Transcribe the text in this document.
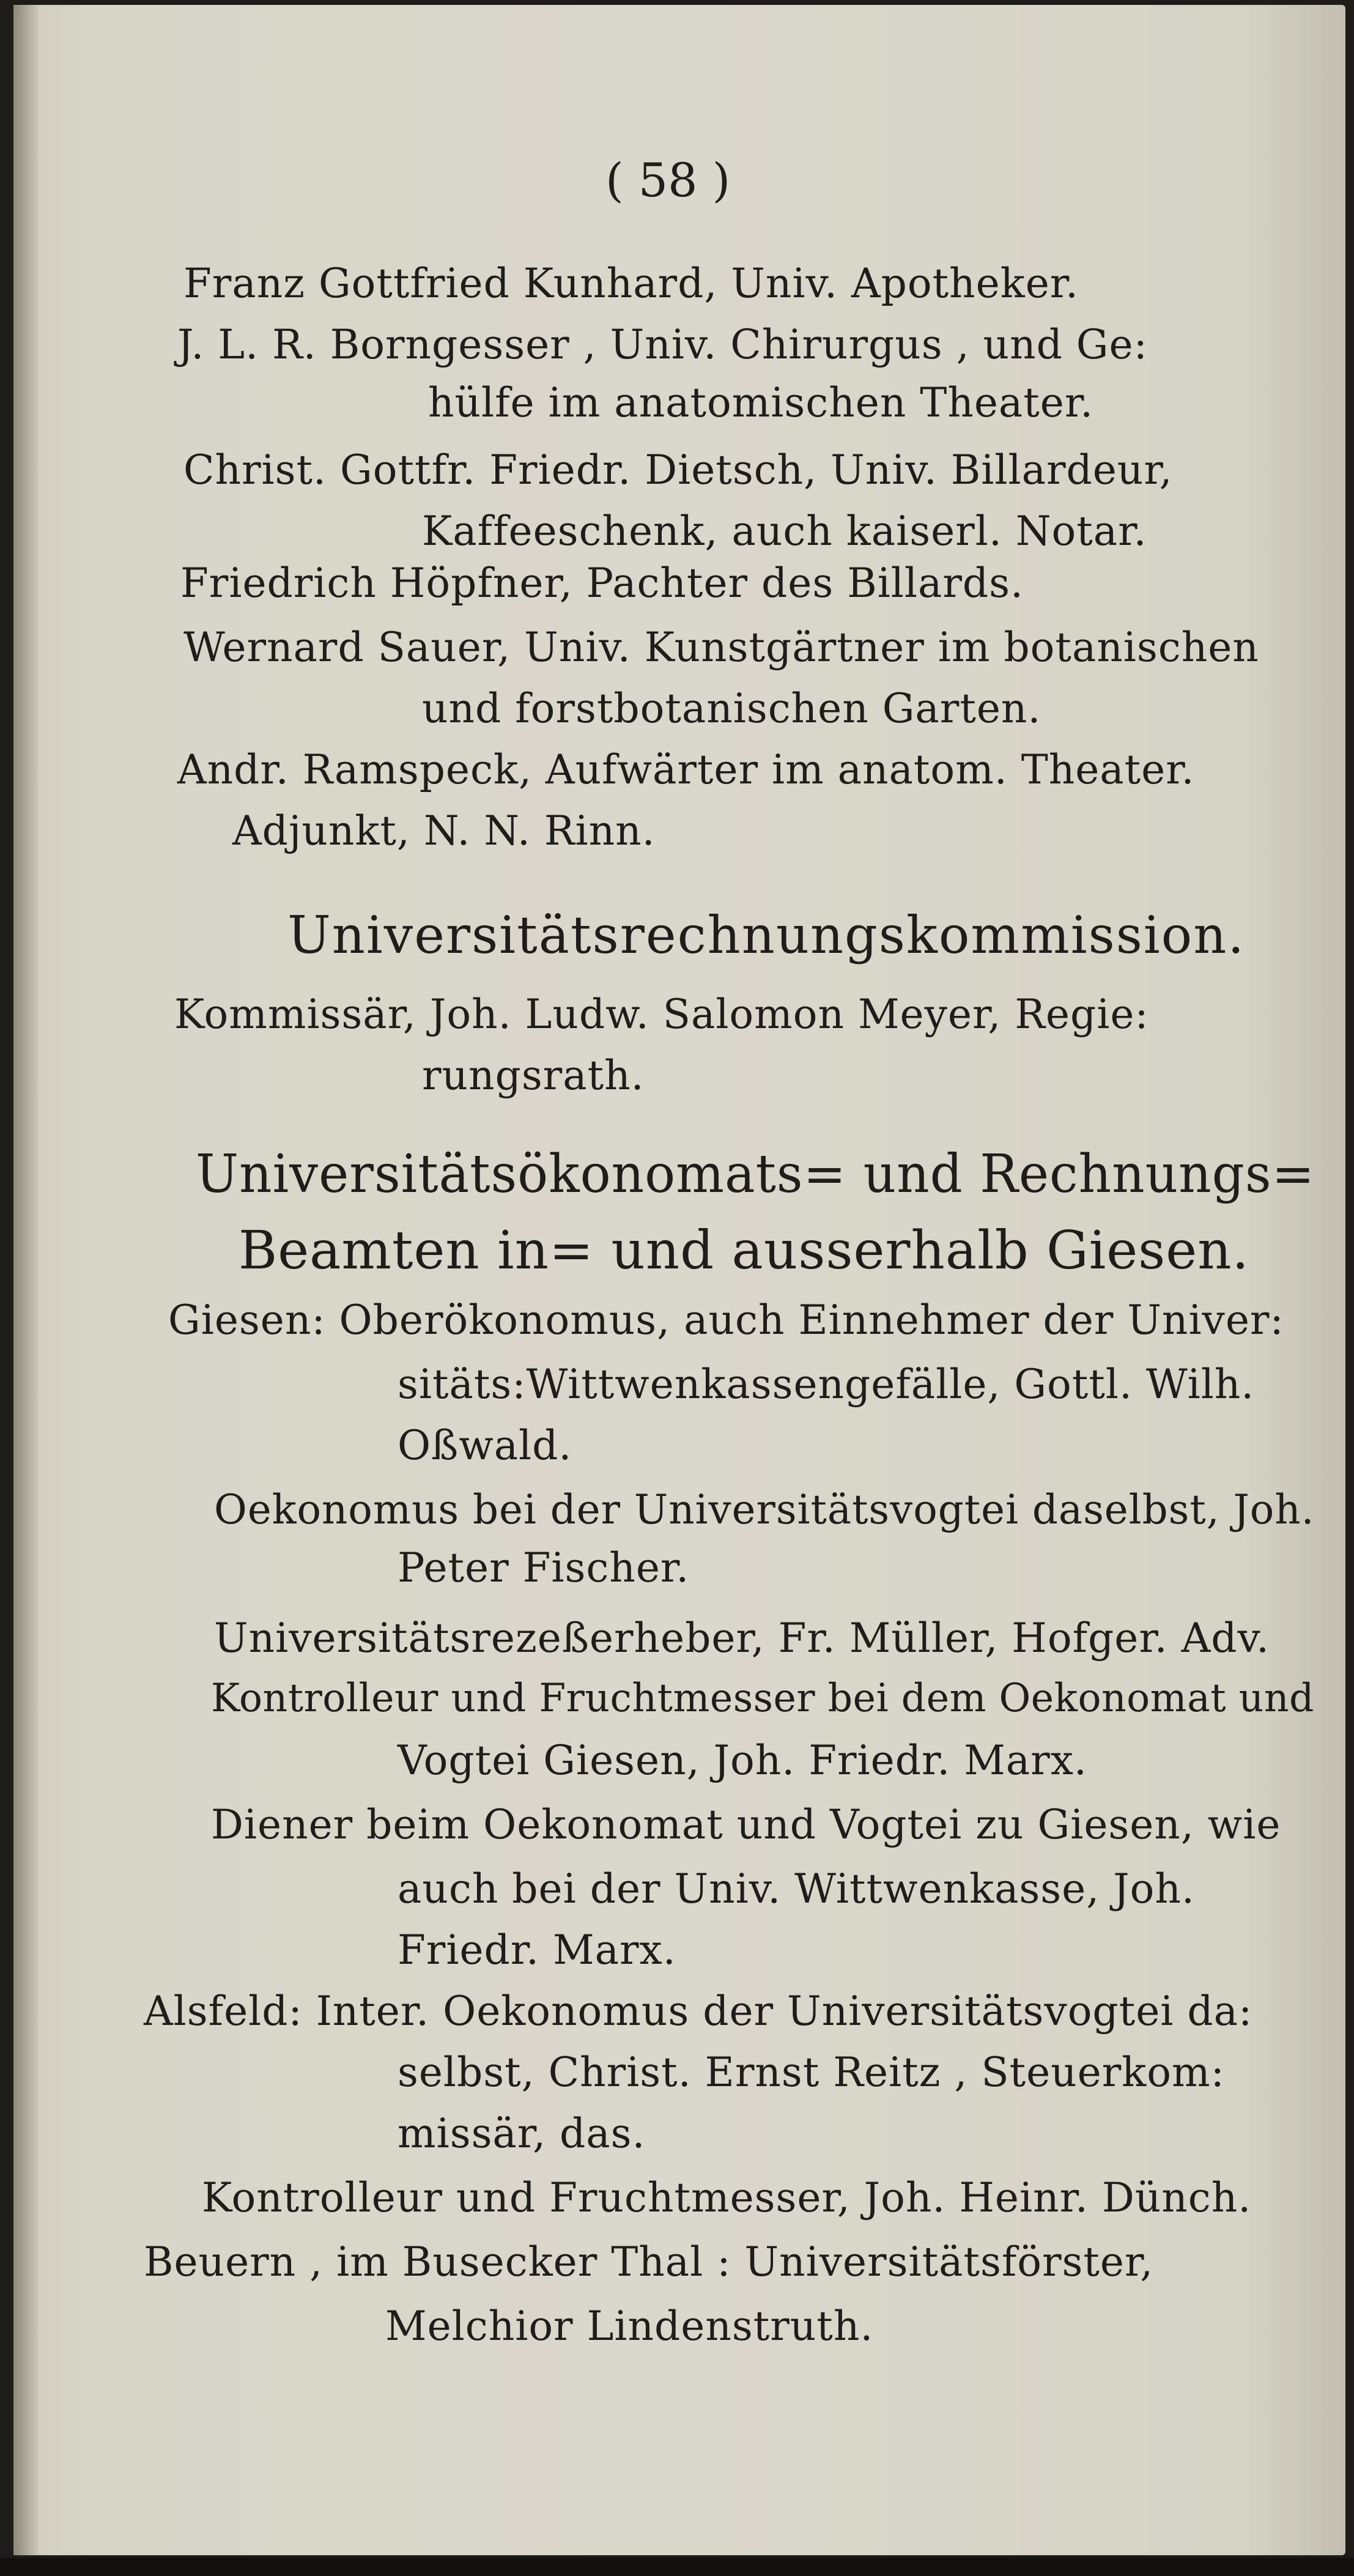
( 58 )
Franz Gottfried Kunhard, Univ. Apotheker.
J. L. R. Borngesser , Univ. Chirurgus , und Ge:
hülfe im anatomischen Theater.
Christ. Gottfr. Friedr. Dietsch, Univ. Billardeur,
Kaffeeschenk, auch kaiserl. Notar.
Friedrich Höpfner, Pachter des Billards.
Wernard Sauer, Univ. Kunstgärtner im botanischen
und forstbotanischen Garten.
Andr. Ramspeck, Aufwärter im anatom. Theater.
Adjunkt, N. N. Rinn.
Universitätsrechnungskommission.
Kommissär, Joh. Ludw. Salomon Meyer, Regie:
rungsrath.
Universitätsökonomats= und Rechnungs=
Beamten in= und ausserhalb Giesen.
Giesen: Oberökonomus, auch Einnehmer der Univer:
sitäts:Wittwenkassengefälle, Gottl. Wilh.
Oßwald.
Oekonomus bei der Universitätsvogtei daselbst, Joh.
Peter Fischer.
Universitätsrezeßerheber, Fr. Müller, Hofger. Adv.
Kontrolleur und Fruchtmesser bei dem Oekonomat und
Vogtei Giesen, Joh. Friedr. Marx.
Diener beim Oekonomat und Vogtei zu Giesen, wie
auch bei der Univ. Wittwenkasse, Joh.
Friedr. Marx.
Alsfeld: Inter. Oekonomus der Universitätsvogtei da:
selbst, Christ. Ernst Reitz , Steuerkom:
missär, das.
Kontrolleur und Fruchtmesser, Joh. Heinr. Dünch.
Beuern , im Busecker Thal : Universitätsförster,
Melchior Lindenstruth.
